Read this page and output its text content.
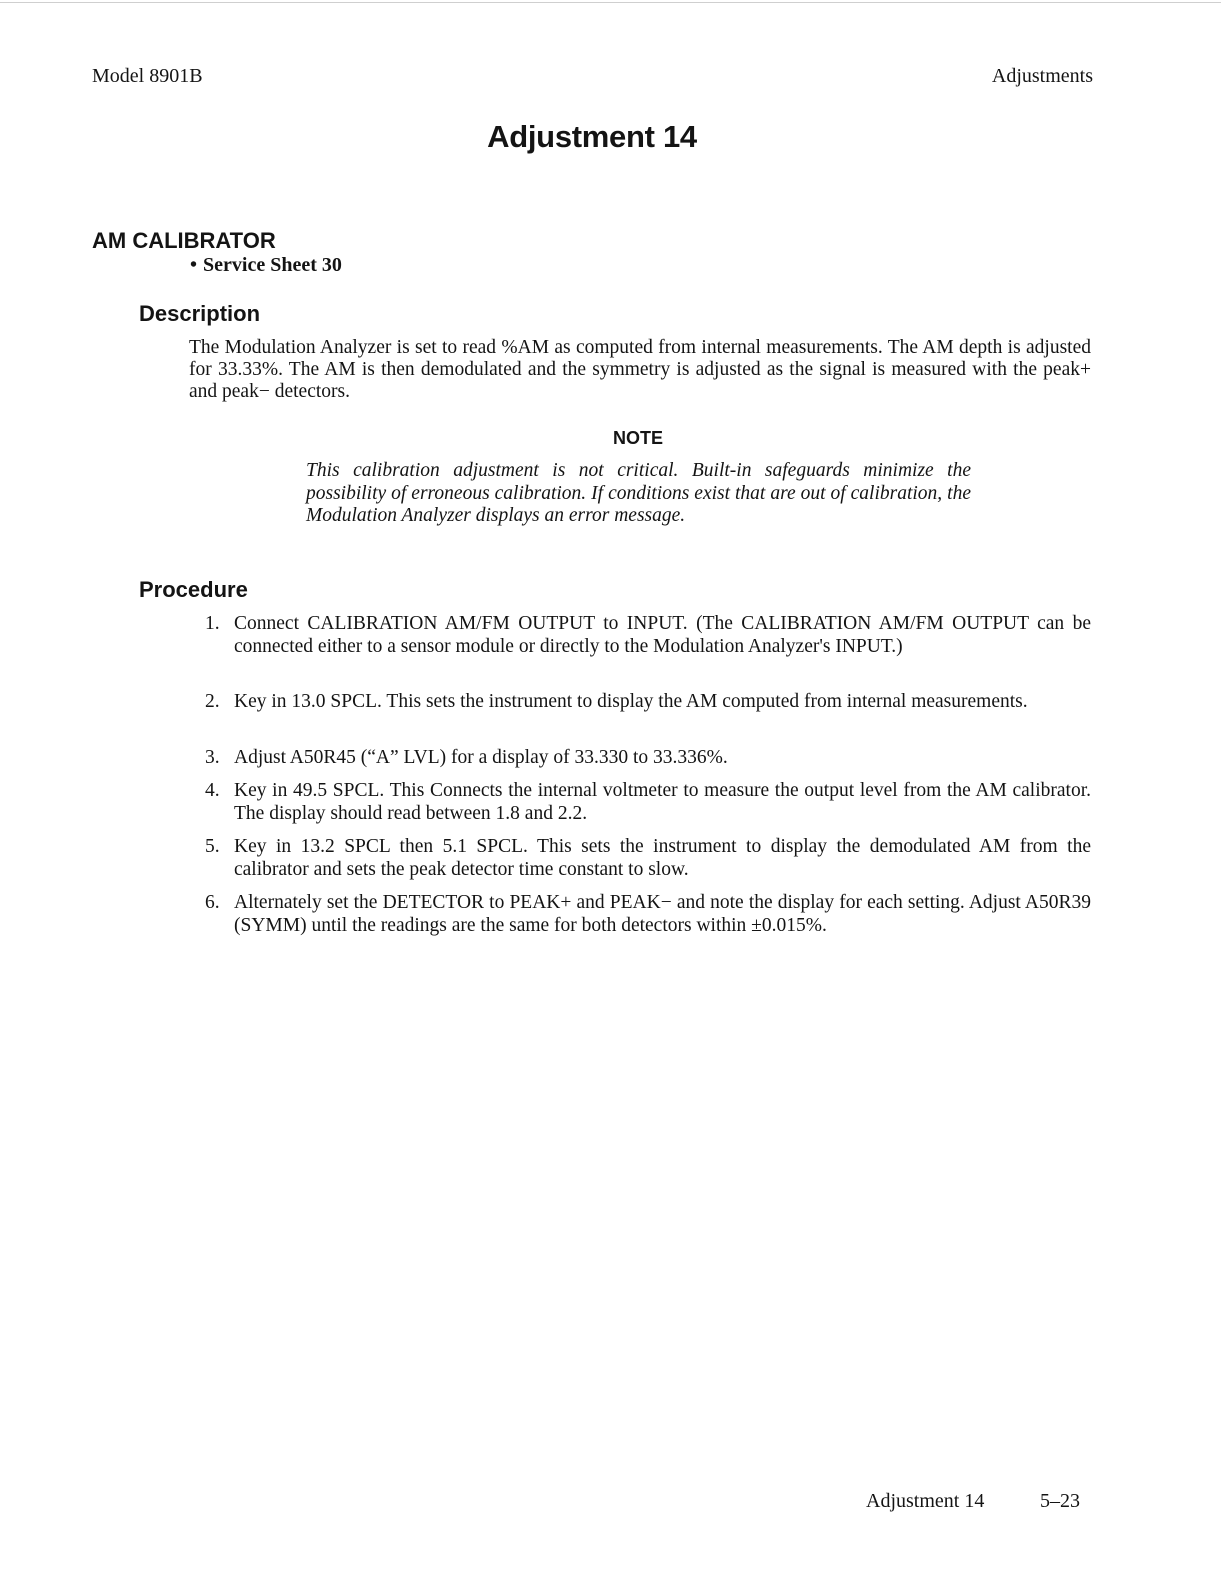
Model 8901B	Adjustments
Adjustment 14
AM CALIBRATOR
• Service Sheet 30
Description

The Modulation Analyzer is set to read %AM as computed from internal measurements. The AM depth is adjusted for 33.33%. The AM is then demodulated and the symmetry is adjusted as the signal is measured with the peak+ and peak− detectors.

NOTE

This calibration adjustment is not critical. Built-in safeguards minimize the possibility of erroneous calibration. If conditions exist that are out of calibration, the Modulation Analyzer displays an error message.

Procedure
1. Connect CALIBRATION AM/FM OUTPUT to INPUT. (The CALIBRATION AM/FM OUTPUT can be connected either to a sensor module or directly to the Modulation Analyzer's INPUT.)
2. Key in 13.0 SPCL. This sets the instrument to display the AM computed from internal measurements.
3. Adjust A50R45 (“A” LVL) for a display of 33.330 to 33.336%.
4. Key in 49.5 SPCL. This Connects the internal voltmeter to measure the output level from the AM calibrator. The display should read between 1.8 and 2.2.
5. Key in 13.2 SPCL then 5.1 SPCL. This sets the instrument to display the demodulated AM from the calibrator and sets the peak detector time constant to slow.
6. Alternately set the DETECTOR to PEAK+ and PEAK− and note the display for each setting. Adjust A50R39 (SYMM) until the readings are the same for both detectors within ±0.015%.
Adjustment 14	5–23
